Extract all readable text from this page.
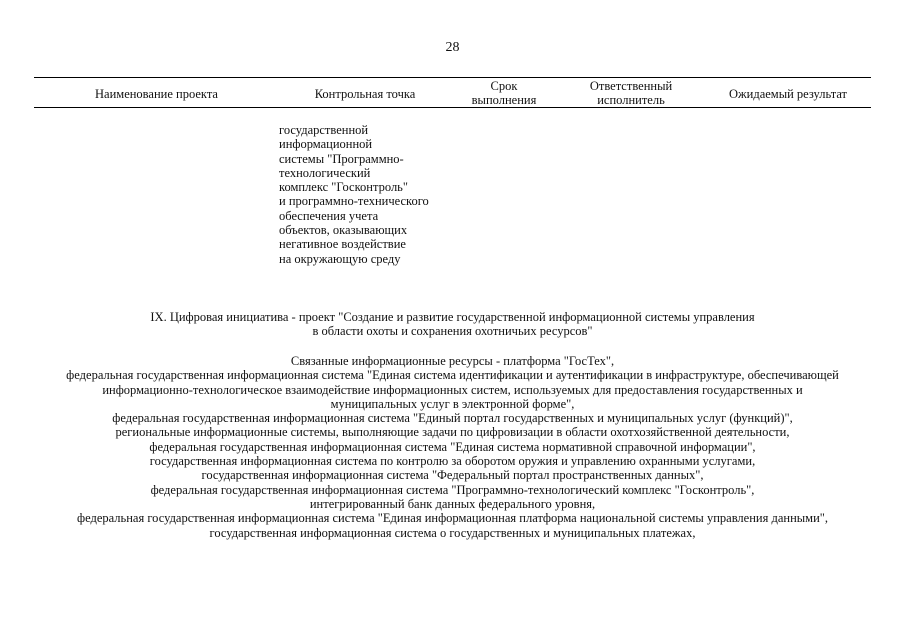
28
Наименование проекта	Контрольная точка
Срок
выполнения
Ответственный
исполнитель	Ожидаемый результат
государственной
информационной
системы "Программно-
технологический
комплекс "Госконтроль"
и программно-технического
обеспечения учета
объектов, оказывающих
негативное воздействие
на окружающую среду
IX. Цифровая инициатива - проект "Создание и развитие государственной информационной системы управления
в области охоты и сохранения охотничьих ресурсов"
Связанные информационные ресурсы - платформа "ГосТех",
федеральная государственная информационная система "Единая система идентификации и аутентификации в инфраструктуре, обеспечивающей
информационно-технологическое взаимодействие информационных систем, используемых для предоставления государственных и
муниципальных услуг в электронной форме",
федеральная государственная информационная система "Единый портал государственных и муниципальных услуг (функций)",
региональные информационные системы, выполняющие задачи по цифровизации в области охотхозяйственной деятельности,
федеральная государственная информационная система "Единая система нормативной справочной информации",
государственная информационная система по контролю за оборотом оружия и управлению охранными услугами,
государственная информационная система "Федеральный портал пространственных данных",
федеральная государственная информационная система "Программно-технологический комплекс "Госконтроль",
интегрированный банк данных федерального уровня,
федеральная государственная информационная система "Единая информационная платформа национальной системы управления данными",
государственная информационная система о государственных и муниципальных платежах,
